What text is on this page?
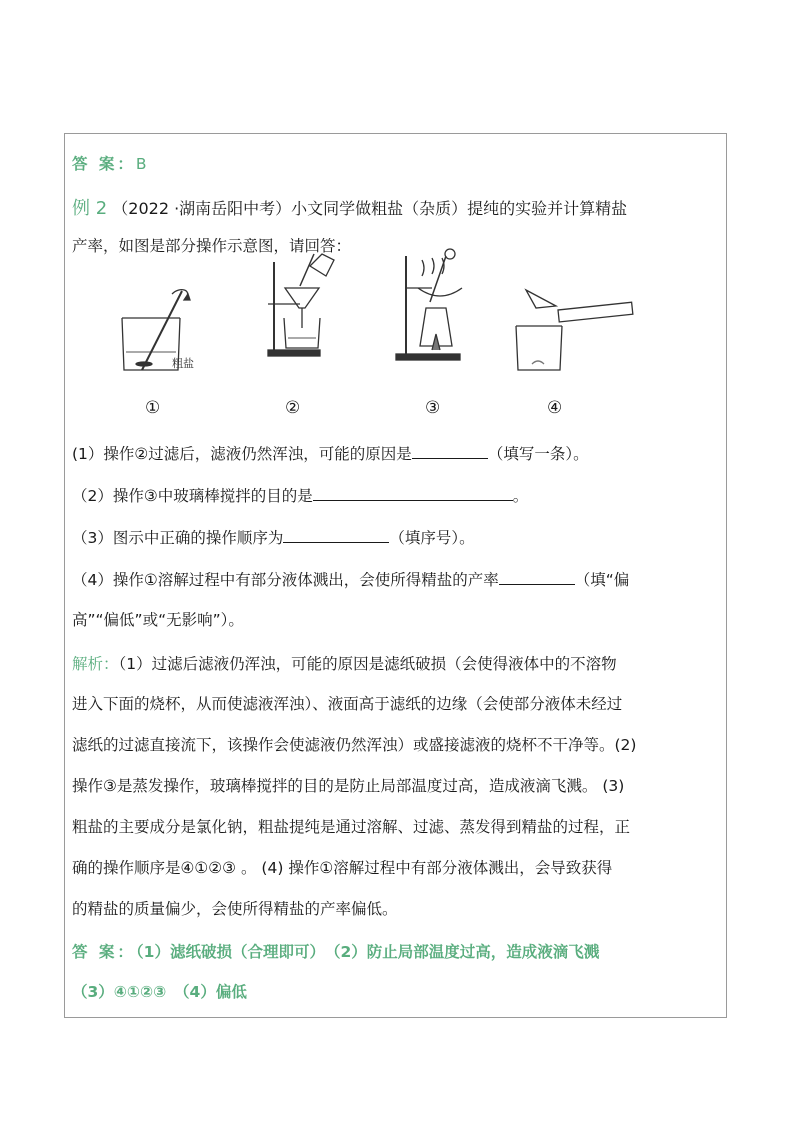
答 案：B
例 2 （2022 ·湖南岳阳中考）小文同学做粗盐（杂质）提纯的实验并计算精盐
产率，如图是部分操作示意图，请回答：
粗盐
①	②	③	④
(1）操作②过滤后，滤液仍然浑浊，可能的原因是	（填写一条）。
（2）操作③中玻璃棒搅拌的目的是	。
（3）图示中正确的操作顺序为	（填序号）。
（4）操作①溶解过程中有部分液体溅出，会使所得精盐的产率	（填“偏
高”“偏低”或“无影响”）。
解析：（1）过滤后滤液仍浑浊，可能的原因是滤纸破损（会使得液体中的不溶物
进入下面的烧杯，从而使滤液浑浊）、液面高于滤纸的边缘（会使部分液体未经过
滤纸的过滤直接流下，该操作会使滤液仍然浑浊）或盛接滤液的烧杯不干净等。(2)
操作③是蒸发操作，玻璃棒搅拌的目的是防止局部温度过高，造成液滴飞溅。 (3)
粗盐的主要成分是氯化钠，粗盐提纯是通过溶解、过滤、蒸发得到精盐的过程，正
确的操作顺序是④①②③ 。 (4) 操作①溶解过程中有部分液体溅出，会导致获得
的精盐的质量偏少，会使所得精盐的产率偏低。
答 案：（1）滤纸破损（合理即可）　（2）防止局部温度过高，造成液滴飞溅
（3）④①②③　（4）偏低
